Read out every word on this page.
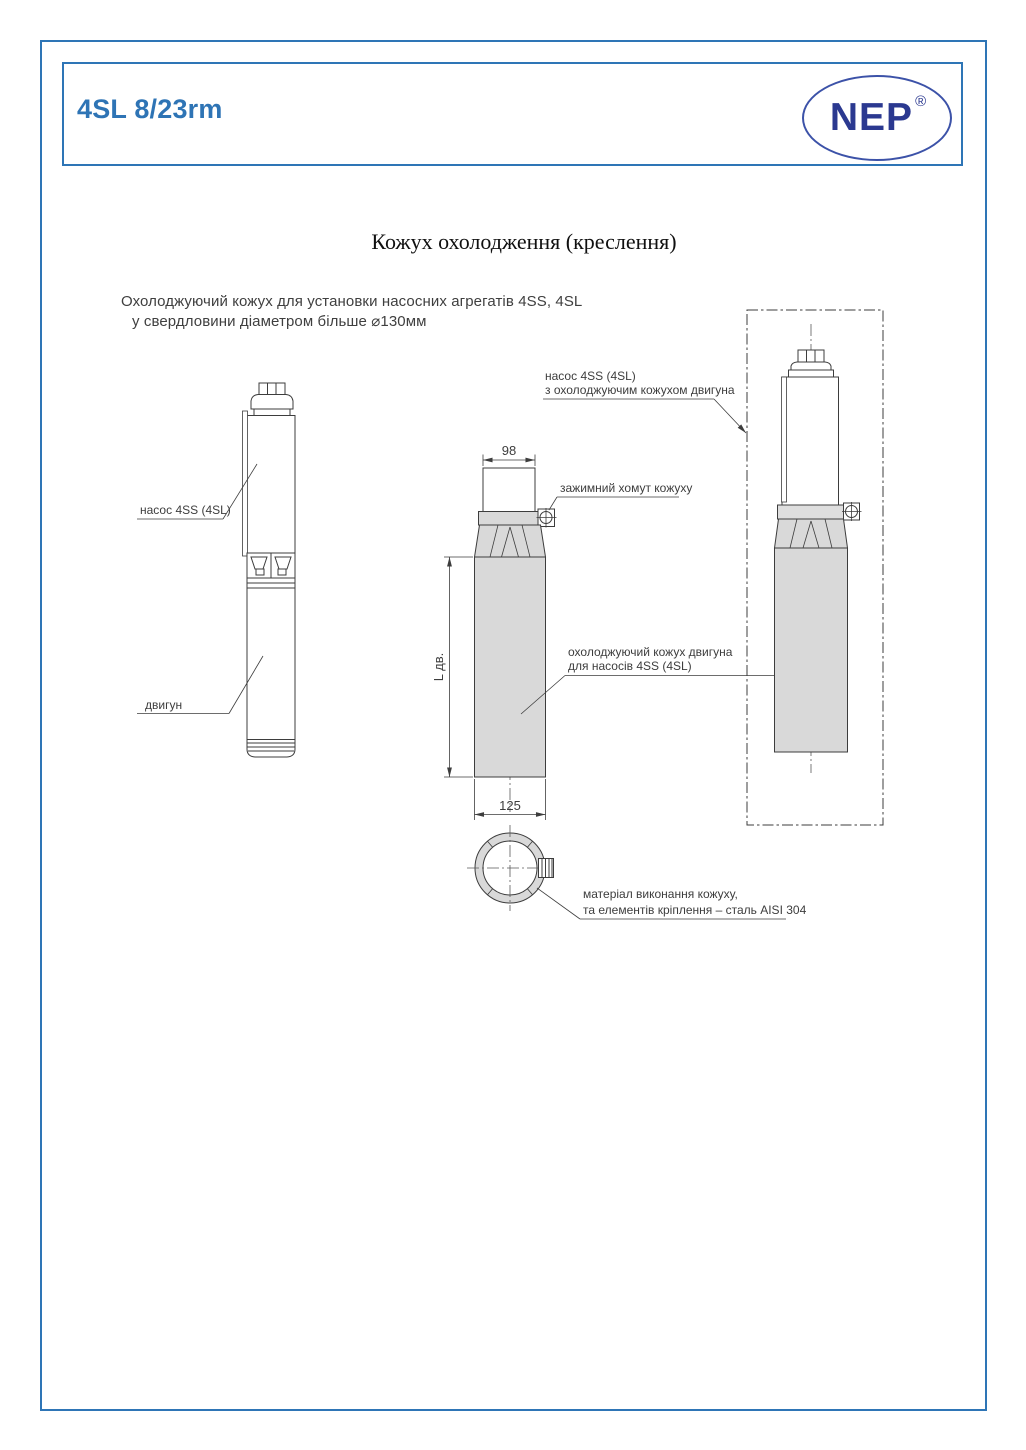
4SL 8/23rm	NEP ®
Кожух охолодження (креслення)
Охолоджуючий кожух для установки насосних агрегатів 4SS, 4SL
у свердловини діаметром більше ⌀130мм
насос 4SS (4SL)
двигун
98
125
L дв.
зажимний хомут кожуху
охолоджуючий кожух двигуна
для насосів 4SS (4SL)
матеріал виконання кожуху,
та елементів кріплення – сталь AISI 304
насос 4SS (4SL)
з охолоджуючим кожухом двигуна
